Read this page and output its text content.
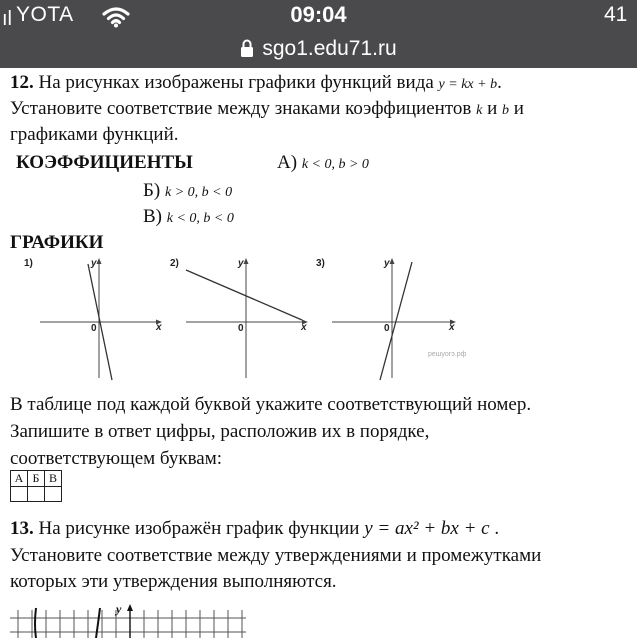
ıl YOTA	09:04	41
sgo1.edu71.ru
12. На рисунках изображены графики функций вида y = kx + b.
Установите соответствие между знаками коэффициентов k и b и
графиками функций.
КОЭФФИЦИЕНТЫ	А) k < 0, b > 0
Б) k > 0, b < 0
В) k < 0, b < 0
ГРАФИКИ
1)	y
x
0
2)	y
x
0
3)	y
x
0
решуогэ.рф
В таблице под каждой буквой укажите соответствующий номер.
Запишите в ответ цифры, расположив их в порядке,
соответствующем буквам:
А	Б	В

13. На рисунке изображён график функции y = ax² + bx + c .
Установите соответствие между утверждениями и промежутками
которых эти утверждения выполняются.
y
